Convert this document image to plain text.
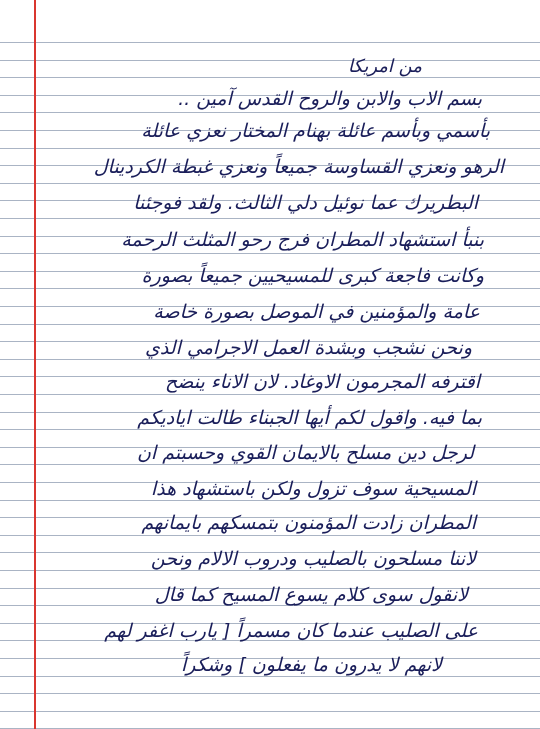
من امريكا
بسم الاب والابن والروح القدس آمين ..
بأسمي وبأسم عائلة بهنام المختار نعزي عائلة
الرهو ونعزي القساوسة جميعاً ونعزي غبطة الكردينال
البطريرك عما نوئيل دلي الثالث. ولقد فوجئنا
بنبأ استشهاد المطران فرج رحو المثلث الرحمة
وكانت فاجعة كبرى للمسيحيين جميعاً بصورة
عامة والمؤمنين في الموصل بصورة خاصة
ونحن نشجب وبشدة العمل الاجرامي الذي
اقترفه المجرمون الاوغاد. لان الاناء ينضح
بما فيه. واقول لكم أيها الجبناء طالت اياديكم
لرجل دين مسلح بالايمان القوي وحسبتم ان
المسيحية سوف تزول ولكن باستشهاد هذا
المطران زادت المؤمنون بتمسكهم بايمانهم
لاننا مسلحون بالصليب ودروب الالام ونحن
لانقول سوى كلام يسوع المسيح كما قال
على الصليب عندما كان مسمراً [ يارب اغفر لهم
لانهم لا يدرون ما يفعلون ] وشكراً
